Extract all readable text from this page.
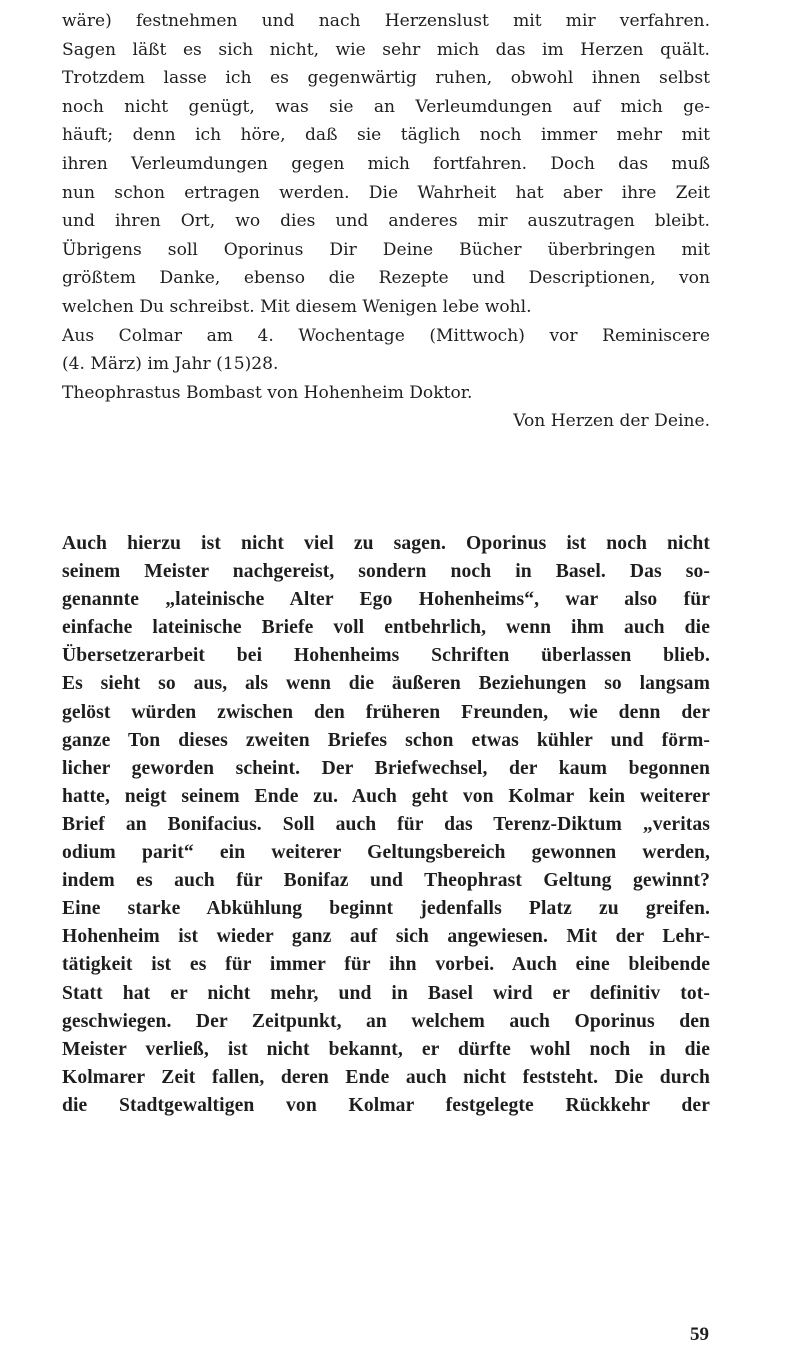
wäre) festnehmen und nach Herzenslust mit mir verfahren.
Sagen läßt es sich nicht, wie sehr mich das im Herzen quält.
Trotzdem lasse ich es gegenwärtig ruhen, obwohl ihnen selbst
noch nicht genügt, was sie an Verleumdungen auf mich ge-
häuft; denn ich höre, daß sie täglich noch immer mehr mit
ihren Verleumdungen gegen mich fortfahren. Doch das muß
nun schon ertragen werden. Die Wahrheit hat aber ihre Zeit
und ihren Ort, wo dies und anderes mir auszutragen bleibt.
Übrigens soll Oporinus Dir Deine Bücher überbringen mit
größtem Danke, ebenso die Rezepte und Descriptionen, von
welchen Du schreibst. Mit diesem Wenigen lebe wohl.
Aus Colmar am 4. Wochentage (Mittwoch) vor Reminiscere
(4. März) im Jahr (15)28.
Theophrastus Bombast von Hohenheim Doktor.
Von Herzen der Deine.
Auch hierzu ist nicht viel zu sagen. Oporinus ist noch nicht
seinem Meister nachgereist, sondern noch in Basel. Das so-
genannte „lateinische Alter Ego Hohenheims“, war also für
einfache lateinische Briefe voll entbehrlich, wenn ihm auch die
Übersetzerarbeit bei Hohenheims Schriften überlassen blieb.
Es sieht so aus, als wenn die äußeren Beziehungen so langsam
gelöst würden zwischen den früheren Freunden, wie denn der
ganze Ton dieses zweiten Briefes schon etwas kühler und förm-
licher geworden scheint. Der Briefwechsel, der kaum begonnen
hatte, neigt seinem Ende zu. Auch geht von Kolmar kein weiterer
Brief an Bonifacius. Soll auch für das Terenz-Diktum „veritas
odium parit“ ein weiterer Geltungsbereich gewonnen werden,
indem es auch für Bonifaz und Theophrast Geltung gewinnt?
Eine starke Abkühlung beginnt jedenfalls Platz zu greifen.
Hohenheim ist wieder ganz auf sich angewiesen. Mit der Lehr-
tätigkeit ist es für immer für ihn vorbei. Auch eine bleibende
Statt hat er nicht mehr, und in Basel wird er definitiv tot-
geschwiegen. Der Zeitpunkt, an welchem auch Oporinus den
Meister verließ, ist nicht bekannt, er dürfte wohl noch in die
Kolmarer Zeit fallen, deren Ende auch nicht feststeht. Die durch
die Stadtgewaltigen von Kolmar festgelegte Rückkehr der
59
